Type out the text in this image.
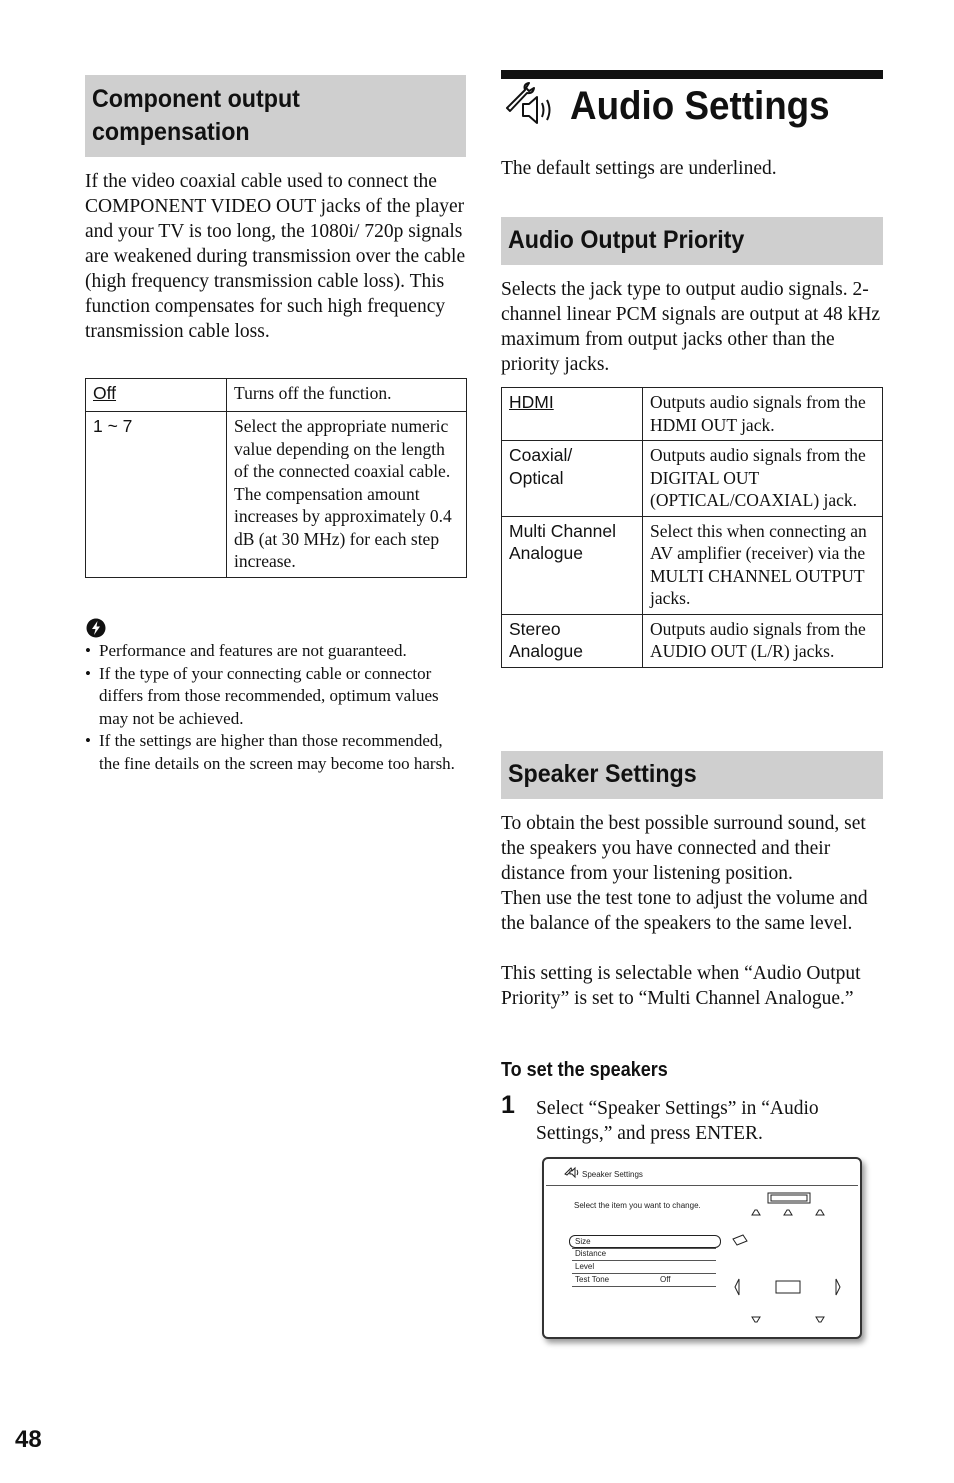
Component output compensation
If the video coaxial cable used to connect the COMPONENT VIDEO OUT jacks of the player and your TV is too long, the 1080i/ 720p signals are weakened during transmission over the cable (high frequency transmission cable loss). This function compensates for such high frequency transmission cable loss.
Off	Turns off the function.
1 ~ 7	Select the appropriate numeric value depending on the length of the connected coaxial cable.
The compensation amount increases by approximately 0.4 dB (at 30 MHz) for each step increase.
• Performance and features are not guaranteed.
• If the type of your connecting cable or connector differs from those recommended, optimum values may not be achieved.
• If the settings are higher than those recommended, the fine details on the screen may become too harsh.
Audio Settings
The default settings are underlined.
Audio Output Priority
Selects the jack type to output audio signals. 2-channel linear PCM signals are output at 48 kHz maximum from output jacks other than the priority jacks.
HDMI	Outputs audio signals from the HDMI OUT jack.
Coaxial/
Optical	Outputs audio signals from the DIGITAL OUT (OPTICAL/COAXIAL) jack.
Multi Channel Analogue	Select this when connecting an AV amplifier (receiver) via the MULTI CHANNEL OUTPUT jacks.
Stereo
Analogue	Outputs audio signals from the AUDIO OUT (L/R) jacks.
Speaker Settings
To obtain the best possible surround sound, set the speakers you have connected and their distance from your listening position.
Then use the test tone to adjust the volume and the balance of the speakers to the same level.
This setting is selectable when “Audio Output Priority” is set to “Multi Channel Analogue.”
To set the speakers
1 Select “Speaker Settings” in “Audio Settings,” and press ENTER.
Speaker Settings
Select the item you want to change.
Size
Distance
Level
Test Tone	Off
48
